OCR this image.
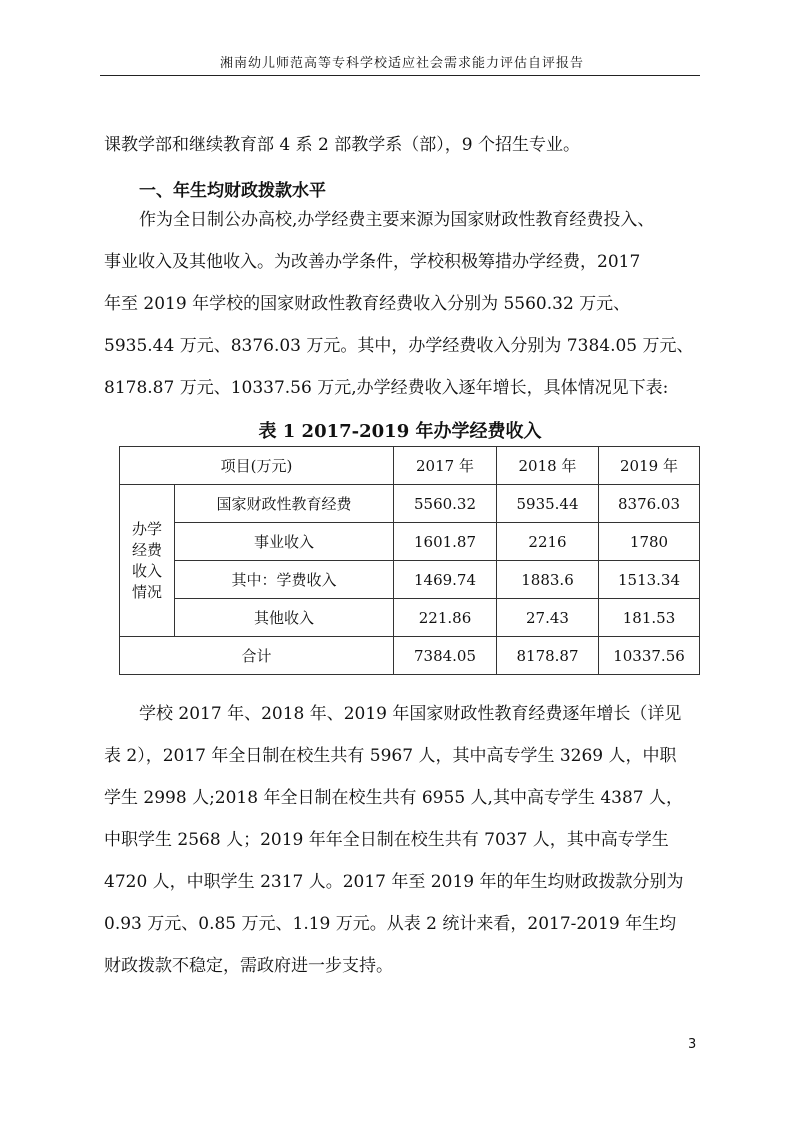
湘南幼儿师范高等专科学校适应社会需求能力评估自评报告
课教学部和继续教育部 4 系 2 部教学系（部），9 个招生专业。
一、年生均财政拨款水平
作为全日制公办高校,办学经费主要来源为国家财政性教育经费投入、
事业收入及其他收入。为改善办学条件，学校积极筹措办学经费，2017
年至 2019 年学校的国家财政性教育经费收入分别为 5560.32 万元、
5935.44 万元、8376.03 万元。其中，办学经费收入分别为 7384.05 万元、
8178.87 万元、10337.56 万元,办学经费收入逐年增长，具体情况见下表:
表 1 2017-2019 年办学经费收入
项目(万元)		2017 年	2018 年	2019 年

办学
经费
收入
情况	国家财政性教育经费	5560.32	5935.44	8376.03
	事业收入	1601.87	2216	1780
	其中：学费收入	1469.74	1883.6	1513.34
	其他收入	221.86	27.43	181.53
合计		7384.05	8178.87	10337.56
学校 2017 年、2018 年、2019 年国家财政性教育经费逐年增长（详见
表 2），2017 年全日制在校生共有 5967 人，其中高专学生 3269 人，中职
学生 2998 人;2018 年全日制在校生共有 6955 人,其中高专学生 4387 人，
中职学生 2568 人；2019 年年全日制在校生共有 7037 人，其中高专学生
4720 人，中职学生 2317 人。2017 年至 2019 年的年生均财政拨款分别为
0.93 万元、0.85 万元、1.19 万元。从表 2 统计来看，2017-2019 年生均
财政拨款不稳定，需政府进一步支持。
3
